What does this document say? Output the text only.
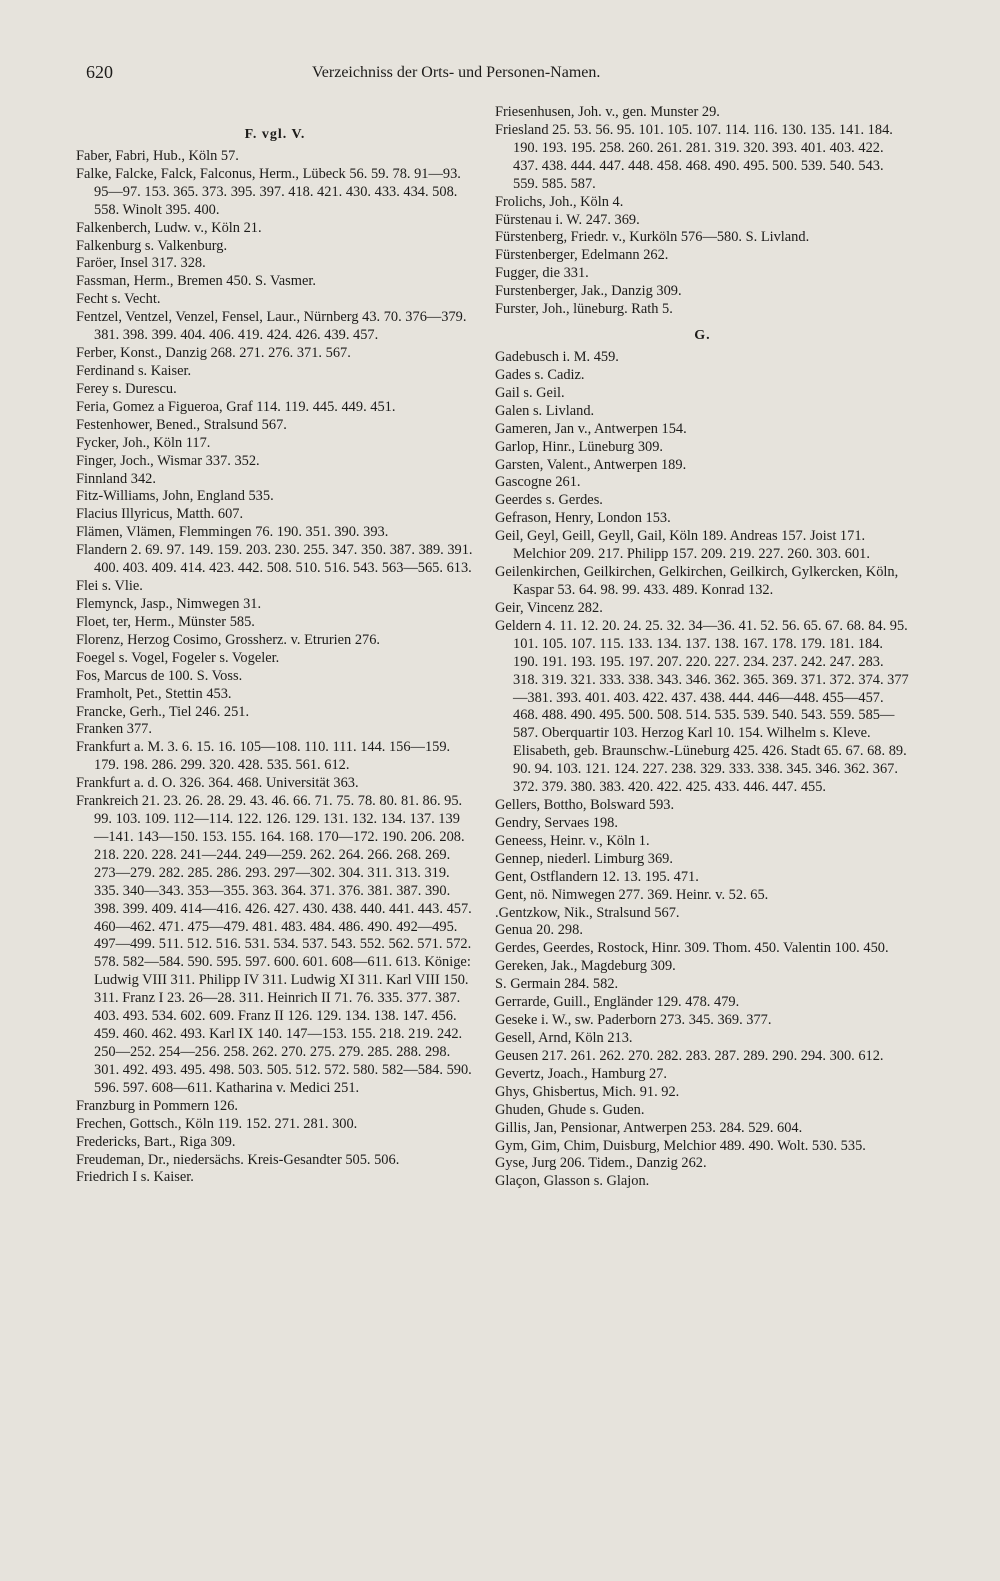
620	Verzeichniss der Orts- und Personen-Namen.
F. vgl. V.

Faber, Fabri, Hub., Köln 57.

Falke, Falcke, Falck, Falconus, Herm., Lübeck 56. 59. 78. 91—93. 95—97. 153. 365. 373. 395. 397. 418. 421. 430. 433. 434. 508. 558. Winolt 395. 400.

Falkenberch, Ludw. v., Köln 21.

Falkenburg s. Valkenburg.

Faröer, Insel 317. 328.

Fassman, Herm., Bremen 450. S. Vasmer.

Fecht s. Vecht.

Fentzel, Ventzel, Venzel, Fensel, Laur., Nürnberg 43. 70. 376—379. 381. 398. 399. 404. 406. 419. 424. 426. 439. 457.

Ferber, Konst., Danzig 268. 271. 276. 371. 567.

Ferdinand s. Kaiser.

Ferey s. Durescu.

Feria, Gomez a Figueroa, Graf 114. 119. 445. 449. 451.

Festenhower, Bened., Stralsund 567.

Fycker, Joh., Köln 117.

Finger, Joch., Wismar 337. 352.

Finnland 342.

Fitz-Williams, John, England 535.

Flacius Illyricus, Matth. 607.

Flämen, Vlämen, Flemmingen 76. 190. 351. 390. 393.

Flandern 2. 69. 97. 149. 159. 203. 230. 255. 347. 350. 387. 389. 391. 400. 403. 409. 414. 423. 442. 508. 510. 516. 543. 563—565. 613.

Flei s. Vlie.

Flemynck, Jasp., Nimwegen 31.

Floet, ter, Herm., Münster 585.

Florenz, Herzog Cosimo, Grossherz. v. Etrurien 276.

Foegel s. Vogel, Fogeler s. Vogeler.

Fos, Marcus de 100. S. Voss.

Framholt, Pet., Stettin 453.

Francke, Gerh., Tiel 246. 251.

Franken 377.

Frankfurt a. M. 3. 6. 15. 16. 105—108. 110. 111. 144. 156—159. 179. 198. 286. 299. 320. 428. 535. 561. 612.

Frankfurt a. d. O. 326. 364. 468. Universität 363.

Frankreich 21. 23. 26. 28. 29. 43. 46. 66. 71. 75. 78. 80. 81. 86. 95. 99. 103. 109. 112—114. 122. 126. 129. 131. 132. 134. 137. 139—141. 143—150. 153. 155. 164. 168. 170—172. 190. 206. 208. 218. 220. 228. 241—244. 249—259. 262. 264. 266. 268. 269. 273—279. 282. 285. 286. 293. 297—302. 304. 311. 313. 319. 335. 340—343. 353—355. 363. 364. 371. 376. 381. 387. 390. 398. 399. 409. 414—416. 426. 427. 430. 438. 440. 441. 443. 457. 460—462. 471. 475—479. 481. 483. 484. 486. 490. 492—495. 497—499. 511. 512. 516. 531. 534. 537. 543. 552. 562. 571. 572. 578. 582—584. 590. 595. 597. 600. 601. 608—611. 613. Könige: Ludwig VIII 311. Philipp IV 311. Ludwig XI 311. Karl VIII 150. 311. Franz I 23. 26—28. 311. Heinrich II 71. 76. 335. 377. 387. 403. 493. 534. 602. 609. Franz II 126. 129. 134. 138. 147. 456. 459. 460. 462. 493. Karl IX 140. 147—153. 155. 218. 219. 242. 250—252. 254—256. 258. 262. 270. 275. 279. 285. 288. 298. 301. 492. 493. 495. 498. 503. 505. 512. 572. 580. 582—584. 590. 596. 597. 608—611. Katharina v. Medici 251.

Franzburg in Pommern 126.

Frechen, Gottsch., Köln 119. 152. 271. 281. 300.

Fredericks, Bart., Riga 309.

Freudeman, Dr., niedersächs. Kreis-Gesandter 505. 506.

Friedrich I s. Kaiser.

Friesenhusen, Joh. v., gen. Munster 29.

Friesland 25. 53. 56. 95. 101. 105. 107. 114. 116. 130. 135. 141. 184. 190. 193. 195. 258. 260. 261. 281. 319. 320. 393. 401. 403. 422. 437. 438. 444. 447. 448. 458. 468. 490. 495. 500. 539. 540. 543. 559. 585. 587.

Frolichs, Joh., Köln 4.

Fürstenau i. W. 247. 369.

Fürstenberg, Friedr. v., Kurköln 576—580. S. Livland.

Fürstenberger, Edelmann 262.

Fugger, die 331.

Furstenberger, Jak., Danzig 309.

Furster, Joh., lüneburg. Rath 5.

G.

Gadebusch i. M. 459.

Gades s. Cadiz.

Gail s. Geil.

Galen s. Livland.

Gameren, Jan v., Antwerpen 154.

Garlop, Hinr., Lüneburg 309.

Garsten, Valent., Antwerpen 189.

Gascogne 261.

Geerdes s. Gerdes.

Gefrason, Henry, London 153.

Geil, Geyl, Geill, Geyll, Gail, Köln 189. Andreas 157. Joist 171. Melchior 209. 217. Philipp 157. 209. 219. 227. 260. 303. 601.

Geilenkirchen, Geilkirchen, Gelkirchen, Geilkirch, Gylkercken, Köln, Kaspar 53. 64. 98. 99. 433. 489. Konrad 132.

Geir, Vincenz 282.

Geldern 4. 11. 12. 20. 24. 25. 32. 34—36. 41. 52. 56. 65. 67. 68. 84. 95. 101. 105. 107. 115. 133. 134. 137. 138. 167. 178. 179. 181. 184. 190. 191. 193. 195. 197. 207. 220. 227. 234. 237. 242. 247. 283. 318. 319. 321. 333. 338. 343. 346. 362. 365. 369. 371. 372. 374. 377—381. 393. 401. 403. 422. 437. 438. 444. 446—448. 455—457. 468. 488. 490. 495. 500. 508. 514. 535. 539. 540. 543. 559. 585—587. Oberquartir 103. Herzog Karl 10. 154. Wilhelm s. Kleve. Elisabeth, geb. Braunschw.-Lüneburg 425. 426. Stadt 65. 67. 68. 89. 90. 94. 103. 121. 124. 227. 238. 329. 333. 338. 345. 346. 362. 367. 372. 379. 380. 383. 420. 422. 425. 433. 446. 447. 455.

Gellers, Bottho, Bolsward 593.

Gendry, Servaes 198.

Geneess, Heinr. v., Köln 1.

Gennep, niederl. Limburg 369.

Gent, Ostflandern 12. 13. 195. 471.

Gent, nö. Nimwegen 277. 369. Heinr. v. 52. 65.

.Gentzkow, Nik., Stralsund 567.

Genua 20. 298.

Gerdes, Geerdes, Rostock, Hinr. 309. Thom. 450. Valentin 100. 450.

Gereken, Jak., Magdeburg 309.

S. Germain 284. 582.

Gerrarde, Guill., Engländer 129. 478. 479.

Geseke i. W., sw. Paderborn 273. 345. 369. 377.

Gesell, Arnd, Köln 213.

Geusen 217. 261. 262. 270. 282. 283. 287. 289. 290. 294. 300. 612.

Gevertz, Joach., Hamburg 27.

Ghys, Ghisbertus, Mich. 91. 92.

Ghuden, Ghude s. Guden.

Gillis, Jan, Pensionar, Antwerpen 253. 284. 529. 604.

Gym, Gim, Chim, Duisburg, Melchior 489. 490. Wolt. 530. 535.

Gyse, Jurg 206. Tidem., Danzig 262.

Glaçon, Glasson s. Glajon.
